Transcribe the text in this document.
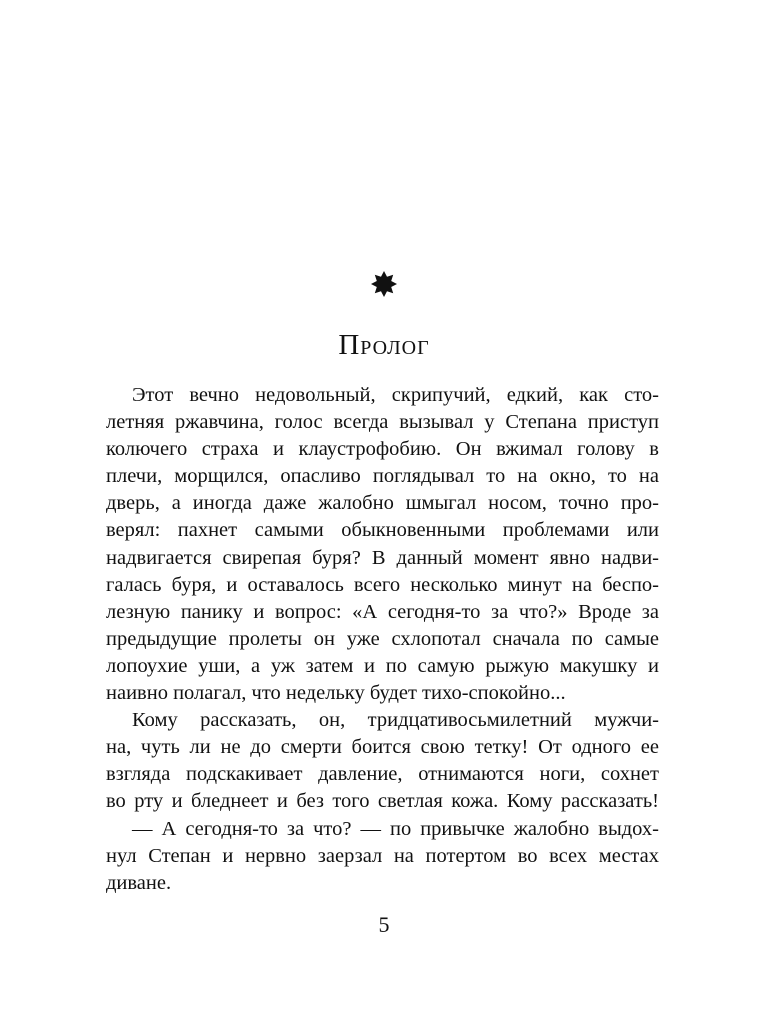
Пролог
Этот вечно недовольный, скрипучий, едкий, как сто-
летняя ржавчина, голос всегда вызывал у Степана приступ
колючего страха и клаустрофобию. Он вжимал голову в
плечи, морщился, опасливо поглядывал то на окно, то на
дверь, а иногда даже жалобно шмыгал носом, точно про-
верял: пахнет самыми обыкновенными проблемами или
надвигается свирепая буря? В данный момент явно надви-
галась буря, и оставалось всего несколько минут на беспо-
лезную панику и вопрос: «А сегодня-то за что?» Вроде за
предыдущие пролеты он уже схлопотал сначала по самые
лопоухие уши, а уж затем и по самую рыжую макушку и
наивно полагал, что недельку будет тихо-спокойно...
Кому рассказать, он, тридцативосьмилетний мужчи-
на, чуть ли не до смерти боится свою тетку! От одного ее
взгляда подскакивает давление, отнимаются ноги, сохнет
во рту и бледнеет и без того светлая кожа. Кому рассказать!
— А сегодня-то за что? — по привычке жалобно выдох-
нул Степан и нервно заерзал на потертом во всех местах
диване.
5
